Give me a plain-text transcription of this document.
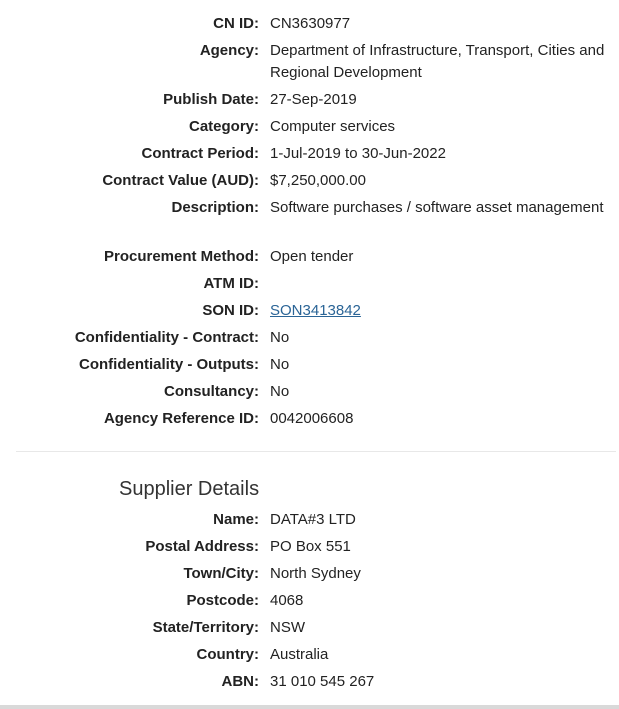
CN ID: CN3630977
Agency: Department of Infrastructure, Transport, Cities and Regional Development
Publish Date: 27-Sep-2019
Category: Computer services
Contract Period: 1-Jul-2019 to 30-Jun-2022
Contract Value (AUD): $7,250,000.00
Description: Software purchases / software asset management
Procurement Method: Open tender
ATM ID:
SON ID: SON3413842
Confidentiality - Contract: No
Confidentiality - Outputs: No
Consultancy: No
Agency Reference ID: 0042006608
Supplier Details
Name: DATA#3 LTD
Postal Address: PO Box 551
Town/City: North Sydney
Postcode: 4068
State/Territory: NSW
Country: Australia
ABN: 31 010 545 267
